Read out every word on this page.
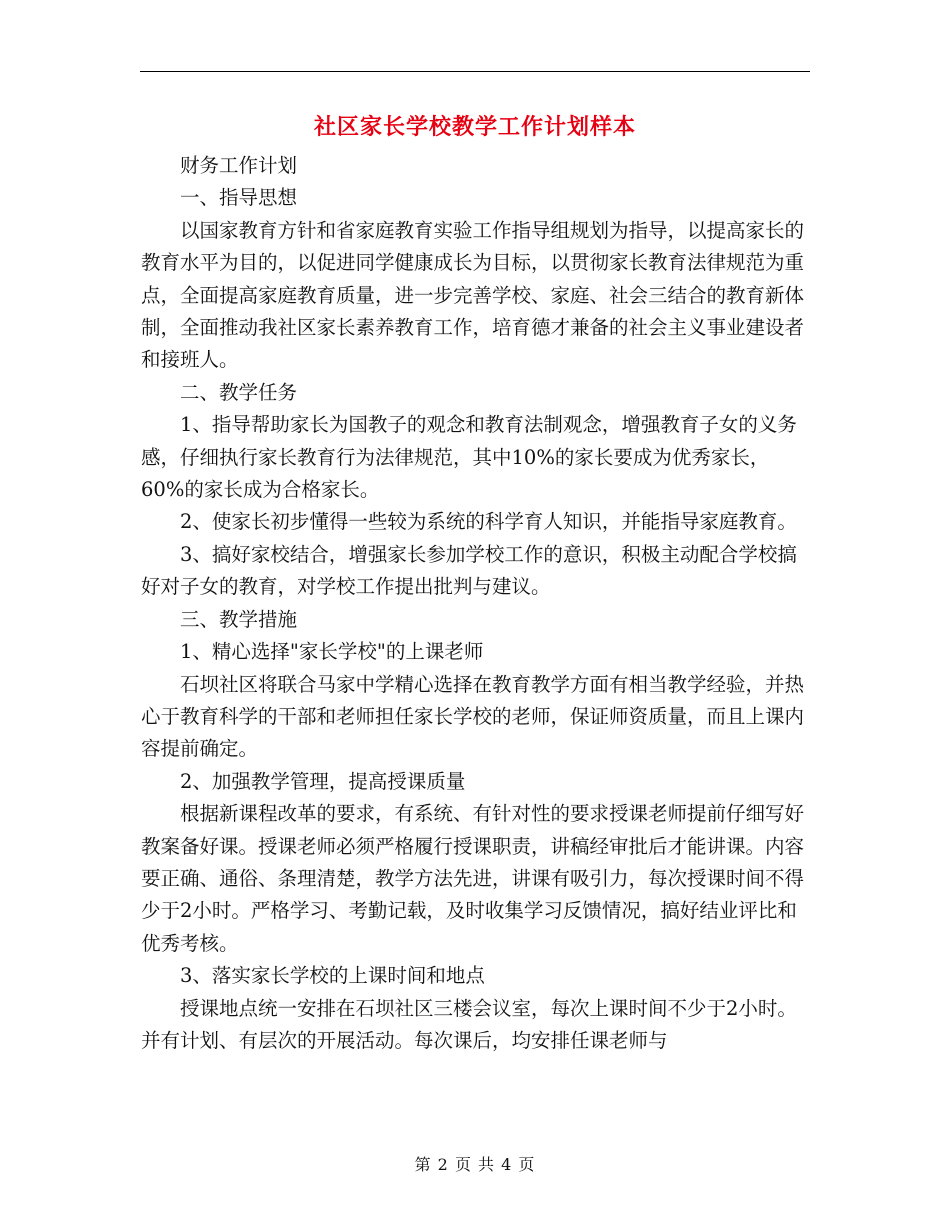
社区家长学校教学工作计划样本

财务工作计划

一、指导思想

以国家教育方针和省家庭教育实验工作指导组规划为指导，以提高家长的教育水平为目的，以促进同学健康成长为目标，以贯彻家长教育法律规范为重点，全面提高家庭教育质量，进一步完善学校、家庭、社会三结合的教育新体制，全面推动我社区家长素养教育工作，培育德才兼备的社会主义事业建设者和接班人。

二、教学任务

1、指导帮助家长为国教子的观念和教育法制观念，增强教育子女的义务感，仔细执行家长教育行为法律规范，其中10%的家长要成为优秀家长，60%的家长成为合格家长。

2、使家长初步懂得一些较为系统的科学育人知识，并能指导家庭教育。

3、搞好家校结合，增强家长参加学校工作的意识，积极主动配合学校搞好对子女的教育，对学校工作提出批判与建议。

三、教学措施

1、精心选择"家长学校"的上课老师

石坝社区将联合马家中学精心选择在教育教学方面有相当教学经验，并热心于教育科学的干部和老师担任家长学校的老师，保证师资质量，而且上课内容提前确定。

2、加强教学管理，提高授课质量

根据新课程改革的要求，有系统、有针对性的要求授课老师提前仔细写好教案备好课。授课老师必须严格履行授课职责，讲稿经审批后才能讲课。内容要正确、通俗、条理清楚，教学方法先进，讲课有吸引力，每次授课时间不得少于2小时。严格学习、考勤记载，及时收集学习反馈情况，搞好结业评比和优秀考核。

3、落实家长学校的上课时间和地点

授课地点统一安排在石坝社区三楼会议室，每次上课时间不少于2小时。并有计划、有层次的开展活动。每次课后，均安排任课老师与

第 2 页 共 4 页
